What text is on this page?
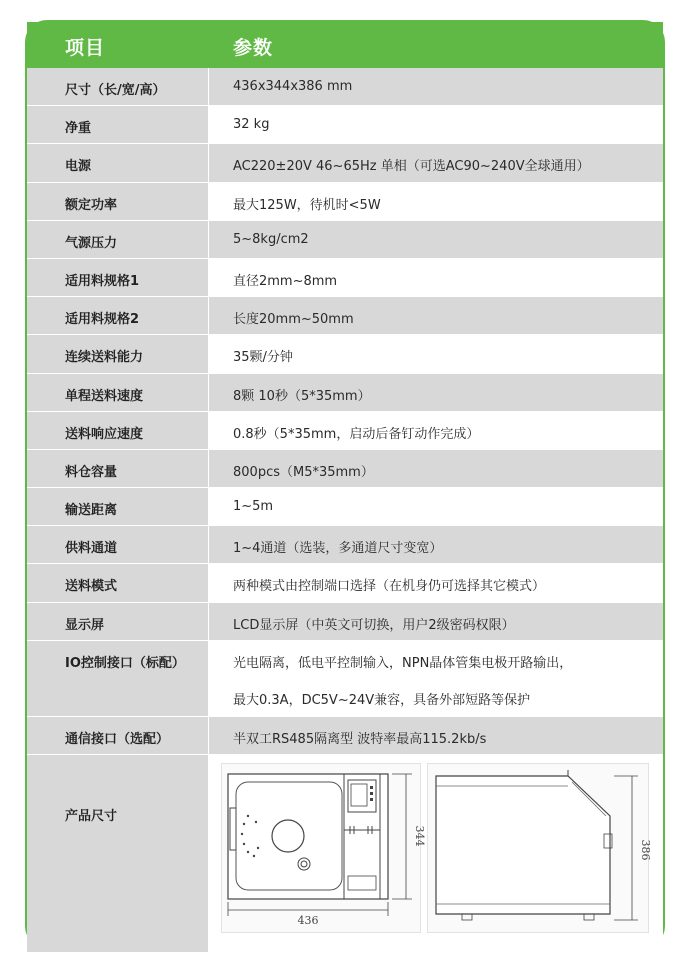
项目	参数
尺寸（长/宽/高）	436x344x386 mm
净重	32 kg
电源	AC220±20V 46~65Hz 单相（可选AC90~240V全球通用）
额定功率	最大125W，待机时<5W
气源压力	5~8kg/cm2
适用料规格1	直径2mm~8mm
适用料规格2	长度20mm~50mm
连续送料能力	35颗/分钟
单程送料速度	8颗 10秒（5*35mm）
送料响应速度	0.8秒（5*35mm，启动后备钉动作完成）
料仓容量	800pcs（M5*35mm）
输送距离	1~5m
供料通道	1~4通道（选装，多通道尺寸变宽）
送料模式	两种模式由控制端口选择（在机身仍可选择其它模式）
显示屏	LCD显示屏（中英文可切换，用户2级密码权限）
IO控制接口（标配）	光电隔离，低电平控制输入，NPN晶体管集电极开路输出，
最大0.3A，DC5V~24V兼容，具备外部短路等保护
通信接口（选配）	半双工RS485隔离型 波特率最高115.2kb/s
产品尺寸
436
344
386
